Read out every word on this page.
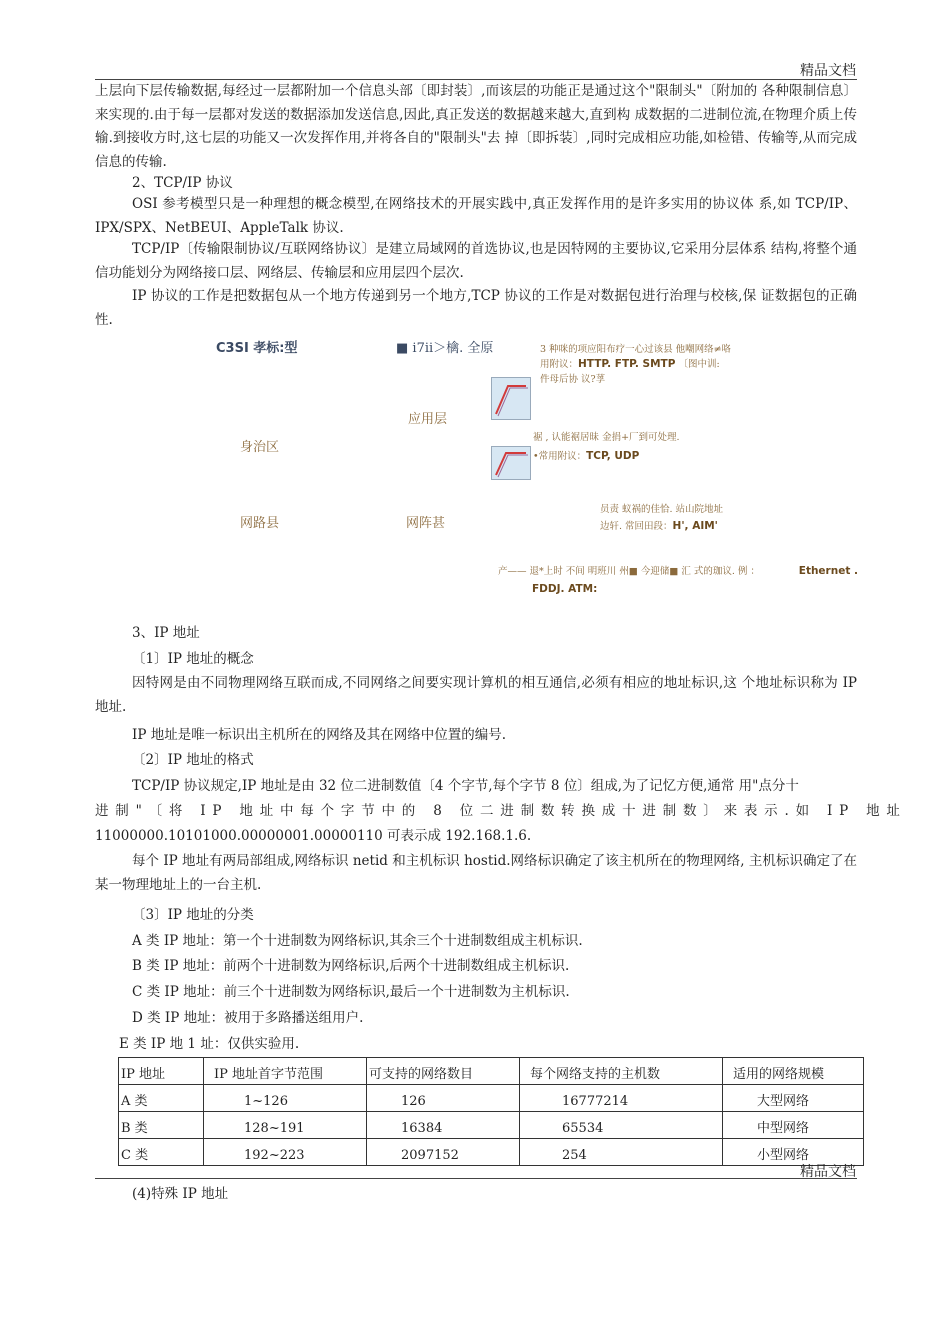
精品文档
上层向下层传输数据,每经过一层都附加一个信息头部〔即封装〕,而该层的功能正是通过这个"限制头"〔附加的 各种限制信息〕来实现的.由于每一层都对发送的数据添加发送信息,因此,真正发送的数据越来越大,直到构 成数据的二进制位流,在物理介质上传输.到接收方时,这七层的功能又一次发挥作用,并将各自的"限制头"去 掉〔即拆装〕,同时完成相应功能,如检错、传输等,从而完成信息的传输.
2、TCP/IP 协议
OSI 参考模型只是一种理想的概念模型,在网络技术的开展实践中,真正发挥作用的是许多实用的协议体 系,如 TCP/IP、IPX/SPX、NetBEUI、AppleTalk 协议.
TCP/IP〔传输限制协议/互联网络协议〕是建立局域网的首选协议,也是因特网的主要协议,它采用分层体系 结构,将整个通信功能划分为网络接口层、网络层、传输层和应用层四个层次.
IP 协议的工作是把数据包从一个地方传递到另一个地方,TCP 协议的工作是对数据包进行治理与校核,保 证数据包的正确性.
C3SI 孝标:型	■ i7ii＞檎. 全原
应用层
身治区
网路县	网阵甚
3 种咪的项应阳布疗一心过该县 他嘲网络≠咯
用附议：HTTP. FTP. SMTP 〔图中训:
件母后协 议?莩
裾 , 认能裾居昧 金捐+厂到可处理.
•常用附议：TCP, UDP
员责 蚁祸的佳恰. 站山院地址
边轩. 常回田段：H', AIM'
产—— 退*上时 不间 明班川 州■ 今迎储■ 汇 式的珈议. 例 ：	Ethernet .
FDDJ. ATM:
3、IP 地址
〔1〕IP 地址的概念
因特网是由不同物理网络互联而成,不同网络之间要实现计算机的相互通信,必须有相应的地址标识,这 个地址标识称为 IP 地址.
IP 地址是唯一标识出主机所在的网络及其在网络中位置的编号.
〔2〕IP 地址的格式
TCP/IP 协议规定,IP 地址是由 32 位二进制数值〔4 个字节,每个字节 8 位〕组成,为了记忆方便,通常 用"点分十
进制"〔将 IP 地址中每个字节中的 8 位二进制数转换成十进制数〕来表示.如 IP 地址
11000000.10101000.00000001.00000110 可表示成 192.168.1.6.
每个 IP 地址有两局部组成,网络标识 netid 和主机标识 hostid.网络标识确定了该主机所在的物理网络, 主机标识确定了在某一物理地址上的一台主机.
〔3〕IP 地址的分类
A 类 IP 地址：第一个十进制数为网络标识,其余三个十进制数组成主机标识.
B 类 IP 地址：前两个十进制数为网络标识,后两个十进制数组成主机标识.
C 类 IP 地址：前三个十进制数为网络标识,最后一个十进制数为主机标识.
D 类 IP 地址：被用于多路播送组用户.
E 类 IP 地 1 址：仅供实验用.
IP 地址	IP 地址首字节范围	可支持的网络数目	每个网络支持的主机数	适用的网络规模
A 类	1~126	126	16777214	大型网络
B 类	128~191	16384	65534	中型网络
C 类	192~223	2097152	254	小型网络
精品文档
(4)特殊 IP 地址
